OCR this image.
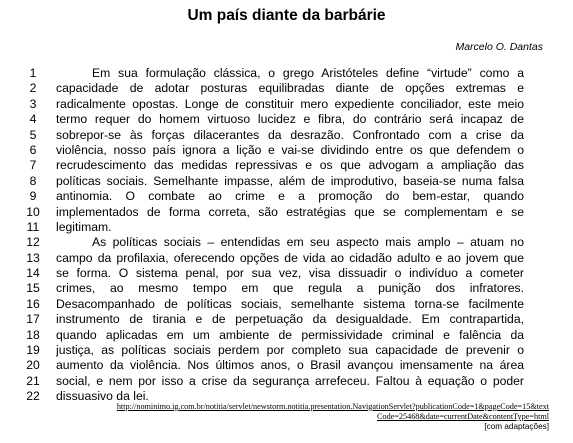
Um país diante da barbárie
Marcelo O. Dantas
1	Em sua formulação clássica, o grego Aristóteles define “virtude” como a
2 capacidade de adotar posturas equilibradas diante de opções extremas e
3 radicalmente opostas. Longe de constituir mero expediente conciliador, este meio
4 termo requer do homem virtuoso lucidez e fibra, do contrário será incapaz de
5 sobrepor-se às forças dilacerantes da desrazão. Confrontado com a crise da
6 violência, nosso país ignora a lição e vai-se dividindo entre os que defendem o
7 recrudescimento das medidas repressivas e os que advogam a ampliação das
8 políticas sociais. Semelhante impasse, além de improdutivo, baseia-se numa falsa
9 antinomia. O combate ao crime e a promoção do bem-estar, quando
10 implementados de forma correta, são estratégias que se complementam e se
11 legitimam.
12	As políticas sociais – entendidas em seu aspecto mais amplo – atuam no
13 campo da profilaxia, oferecendo opções de vida ao cidadão adulto e ao jovem que
14 se forma. O sistema penal, por sua vez, visa dissuadir o indivíduo a cometer
15 crimes, ao mesmo tempo em que regula a punição dos infratores.
16 Desacompanhado de políticas sociais, semelhante sistema torna-se facilmente
17 instrumento de tirania e de perpetuação da desigualdade. Em contrapartida,
18 quando aplicadas em um ambiente de permissividade criminal e falência da
19 justiça, as políticas sociais perdem por completo sua capacidade de prevenir o
20 aumento da violência. Nos últimos anos, o Brasil avançou imensamente na área
21 social, e nem por isso a crise da segurança arrefeceu. Faltou à equação o poder
22 dissuasivo da lei.
http://nominimo.ig.com.br/notitia/servlet/newstorm.notitia.presentation.NavigationServlet?publicationCode=1&pageCode=15&text
Code=25468&date=currentDate&contentType=html
[com adaptações]
